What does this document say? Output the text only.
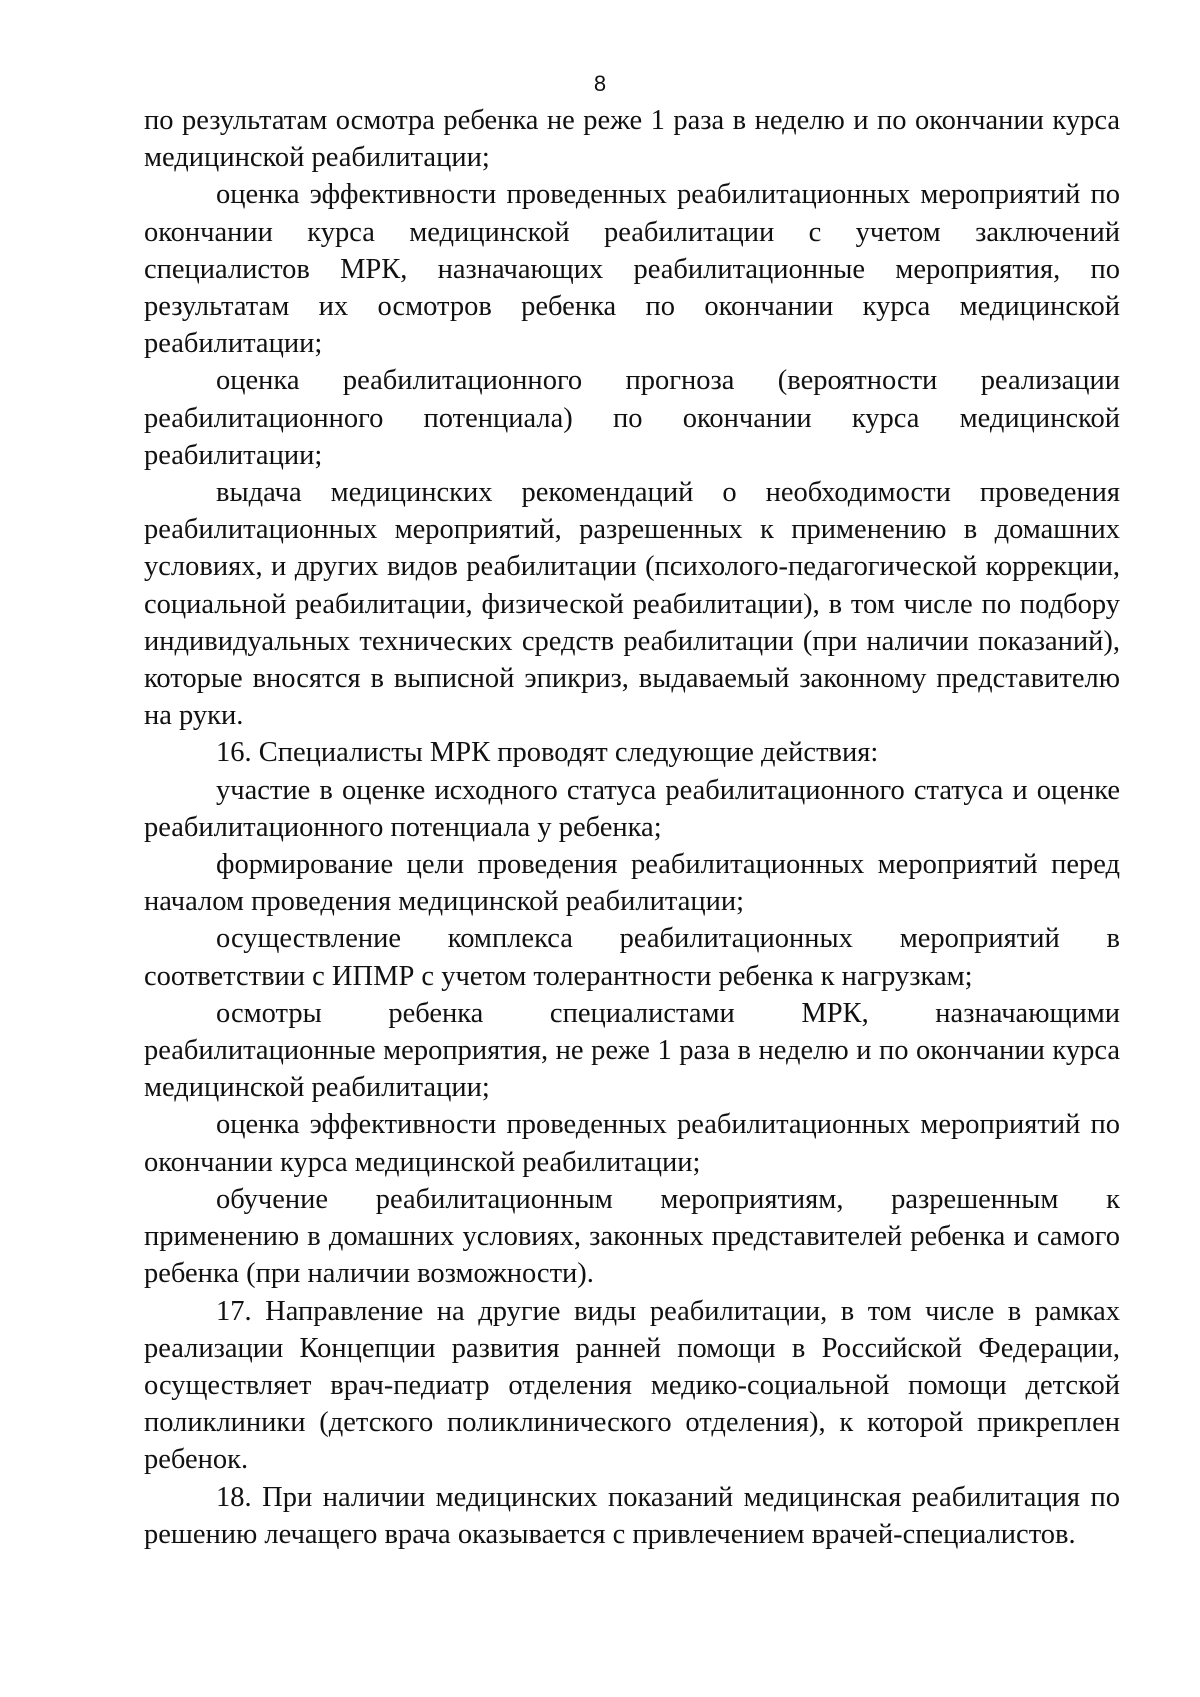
8

по результатам осмотра ребенка не реже 1 раза в неделю и по окончании курса медицинской реабилитации;

оценка эффективности проведенных реабилитационных мероприятий по окончании курса медицинской реабилитации с учетом заключений специалистов МРК, назначающих реабилитационные мероприятия, по результатам их осмотров ребенка по окончании курса медицинской реабилитации;

оценка реабилитационного прогноза (вероятности реализации реабилитационного потенциала) по окончании курса медицинской реабилитации;

выдача медицинских рекомендаций о необходимости проведения реабилитационных мероприятий, разрешенных к применению в домашних условиях, и других видов реабилитации (психолого-педагогической коррекции, социальной реабилитации, физической реабилитации), в том числе по подбору индивидуальных технических средств реабилитации (при наличии показаний), которые вносятся в выписной эпикриз, выдаваемый законному представителю на руки.

16. Специалисты МРК проводят следующие действия:

участие в оценке исходного статуса реабилитационного статуса и оценке реабилитационного потенциала у ребенка;

формирование цели проведения реабилитационных мероприятий перед началом проведения медицинской реабилитации;

осуществление комплекса реабилитационных мероприятий в соответствии с ИПМР с учетом толерантности ребенка к нагрузкам;

осмотры ребенка специалистами МРК, назначающими реабилитационные мероприятия, не реже 1 раза в неделю и по окончании курса медицинской реабилитации;

оценка эффективности проведенных реабилитационных мероприятий по окончании курса медицинской реабилитации;

обучение реабилитационным мероприятиям, разрешенным к применению в домашних условиях, законных представителей ребенка и самого ребенка (при наличии возможности).

17. Направление на другие виды реабилитации, в том числе в рамках реализации Концепции развития ранней помощи в Российской Федерации, осуществляет врач-педиатр отделения медико-социальной помощи детской поликлиники (детского поликлинического отделения), к которой прикреплен ребенок.

18. При наличии медицинских показаний медицинская реабилитация по решению лечащего врача оказывается с привлечением врачей-специалистов.
